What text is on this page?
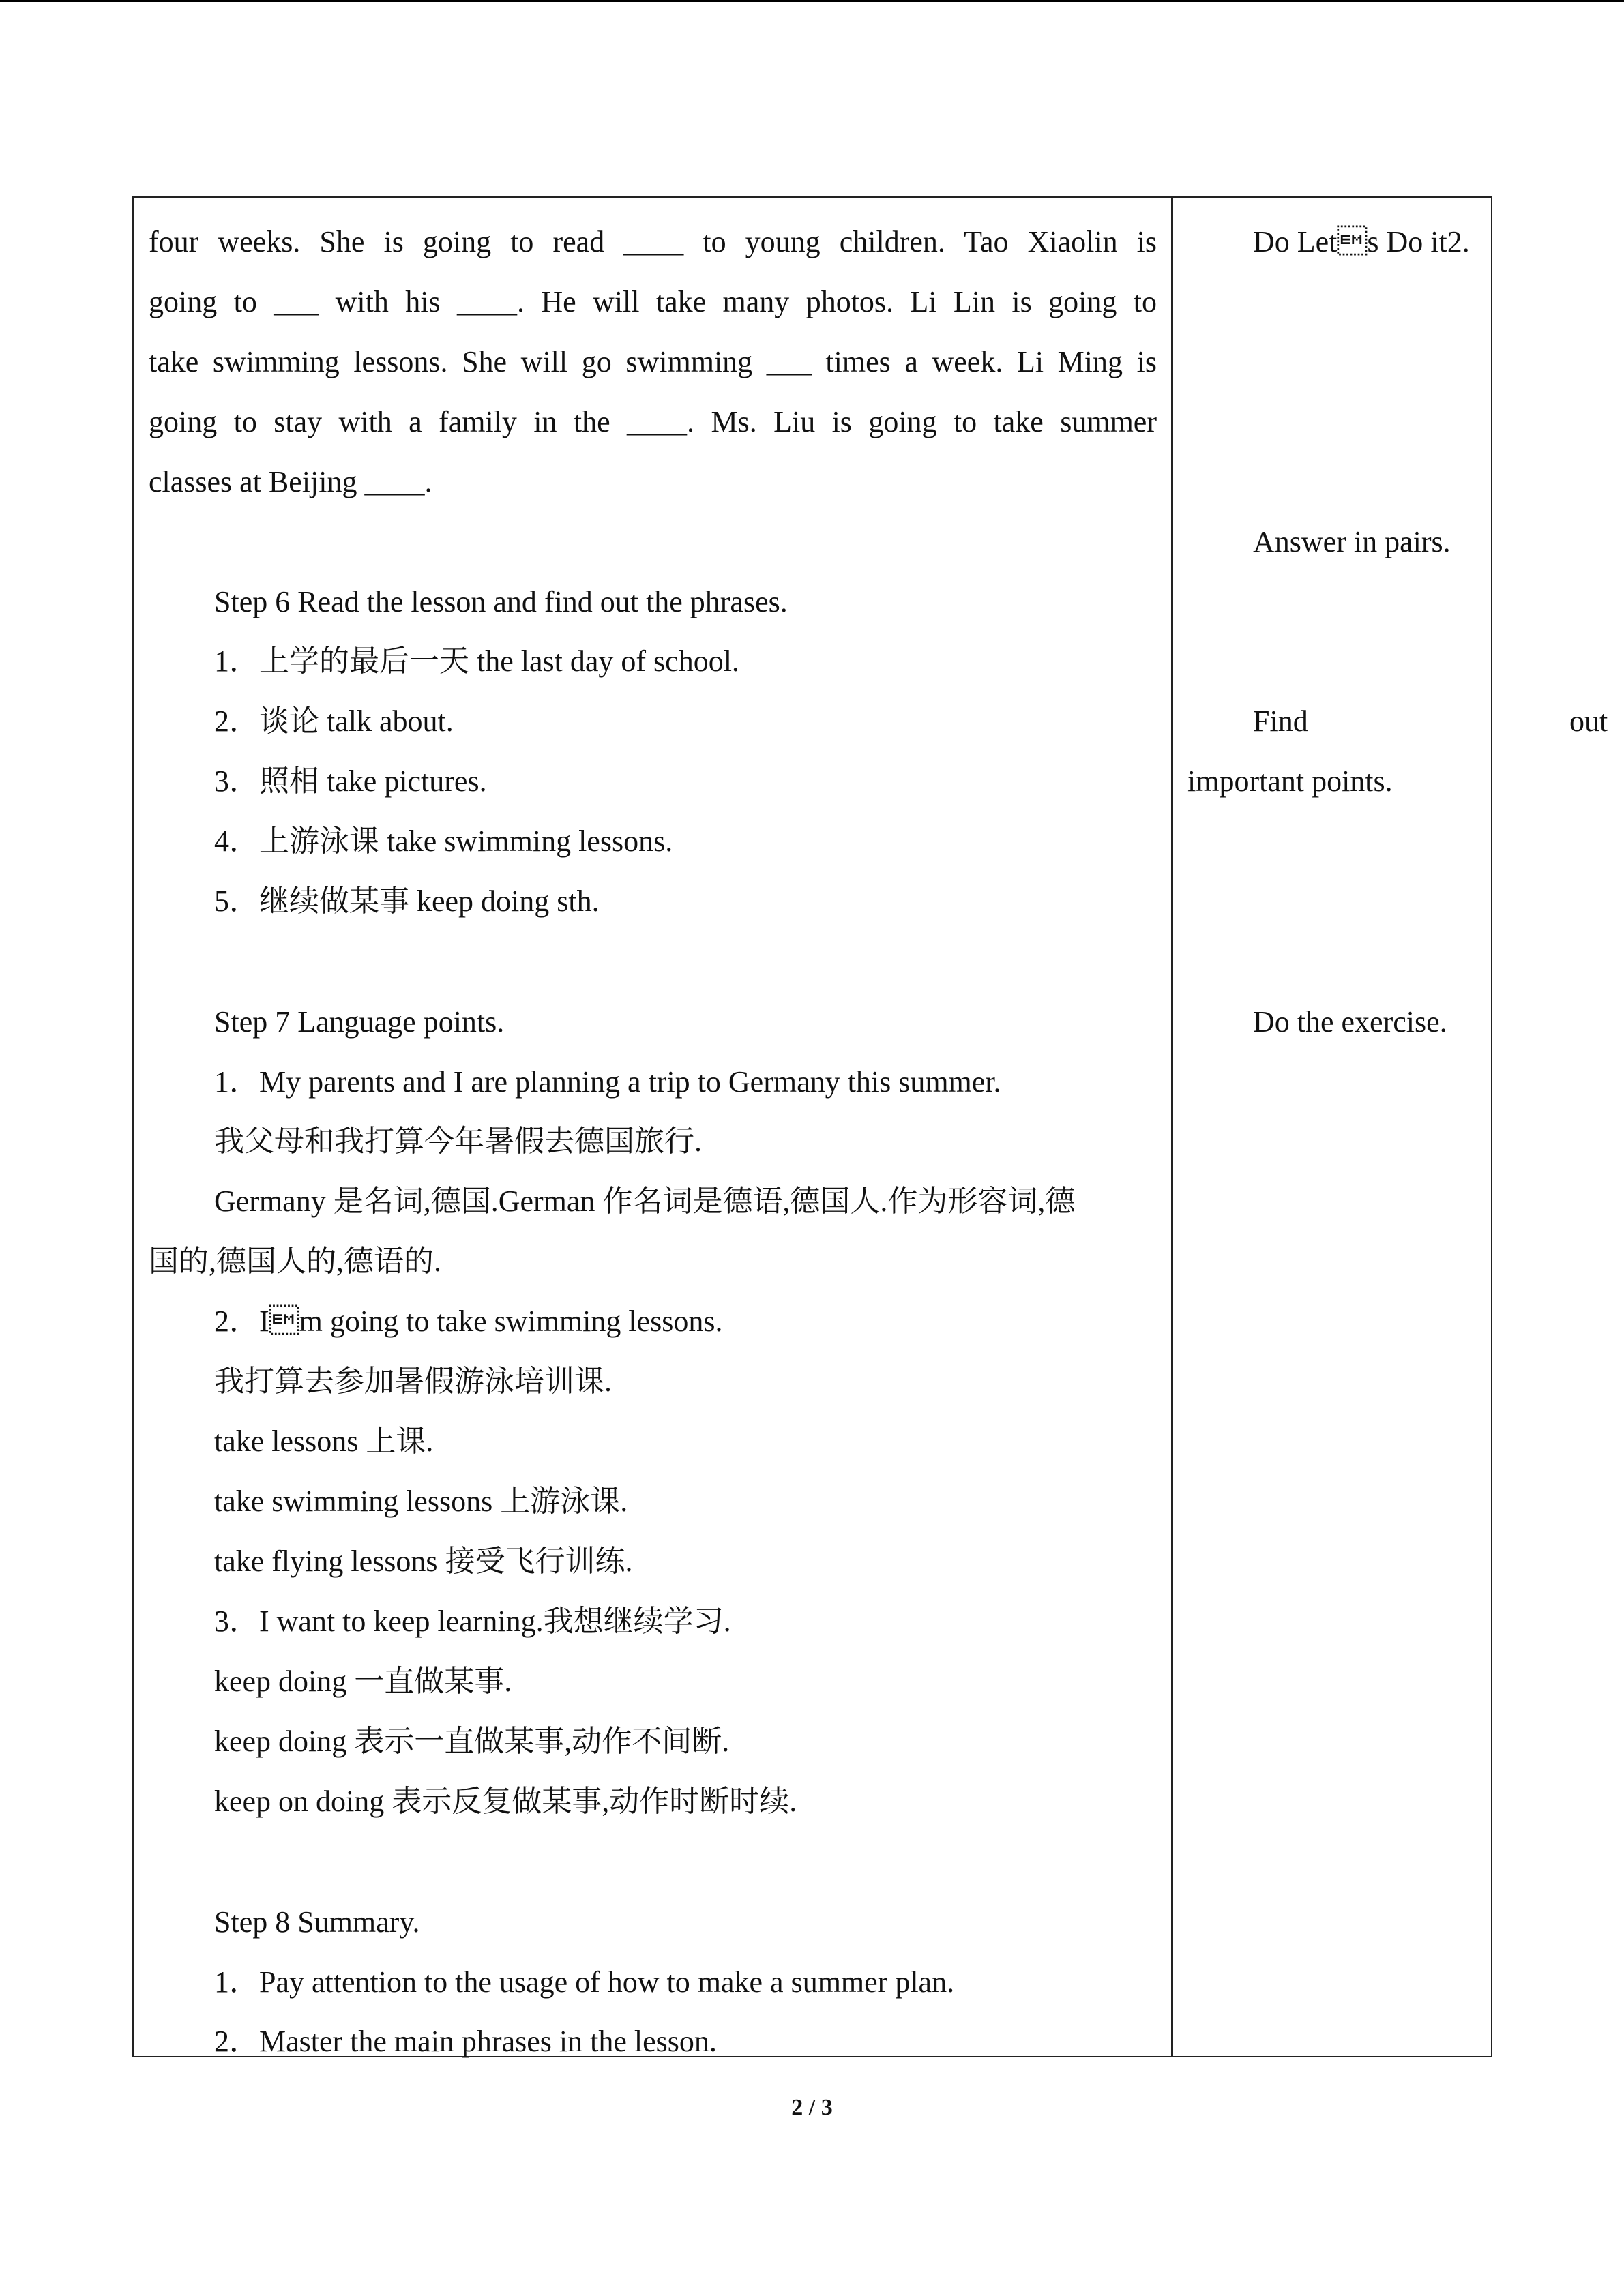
four weeks. She is going to read ____ to young children. Tao Xiaolin is
going to ___ with his ____. He will take many photos. Li Lin is going to
take swimming lessons. She will go swimming ___ times a week. Li Ming is
going to stay with a family in the ____. Ms. Liu is going to take summer
classes at Beijing ____.
Step 6 Read the lesson and find out the phrases.
1．上学的最后一天 the last day of school.
2．谈论 talk about.
3．照相 take pictures.
4．上游泳课 take swimming lessons.
5．继续做某事 keep doing sth.
Step 7 Language points.
1．My parents and I are planning a trip to Germany this summer.
我父母和我打算今年暑假去德国旅行.
Germany 是名词,德国.German 作名词是德语,德国人.作为形容词,德
国的,德国人的,德语的.
2．Im going to take swimming lessons.
我打算去参加暑假游泳培训课.
take lessons 上课.
take swimming lessons 上游泳课.
take flying lessons 接受飞行训练.
3．I want to keep learning.我想继续学习.
keep doing 一直做某事.
keep doing 表示一直做某事,动作不间断.
keep on doing 表示反复做某事,动作时断时续.
Step 8 Summary.
1．Pay attention to the usage of how to make a summer plan.
2．Master the main phrases in the lesson.
Do Lets Do it2.
Answer in pairs.
Find	out
important points.
Do the exercise.
2 / 3
